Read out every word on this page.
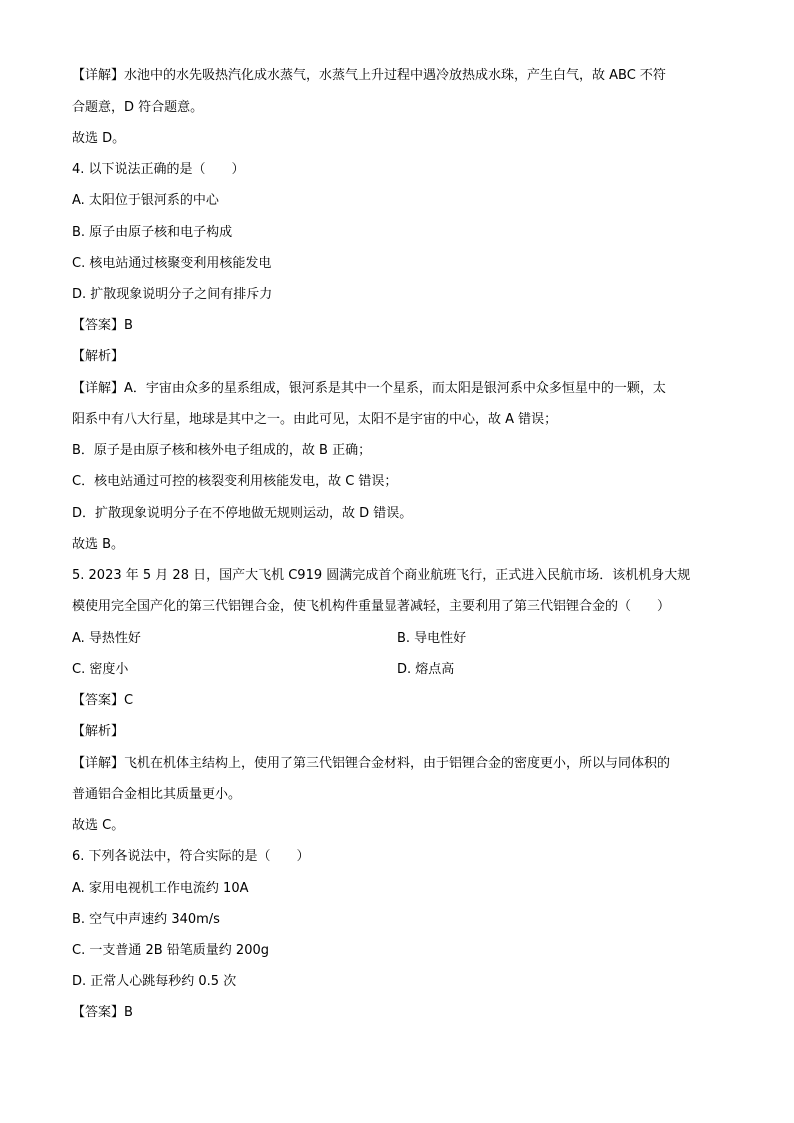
【详解】水池中的水先吸热汽化成水蒸气，水蒸气上升过程中遇冷放热成水珠，产生白气，故 ABC 不符
合题意，D 符合题意。
故选 D。
4. 以下说法正确的是（　　）
A. 太阳位于银河系的中心
B. 原子由原子核和电子构成
C. 核电站通过核聚变利用核能发电
D. 扩散现象说明分子之间有排斥力
【答案】B
【解析】
【详解】A．宇宙由众多的星系组成，银河系是其中一个星系，而太阳是银河系中众多恒星中的一颗，太
阳系中有八大行星，地球是其中之一。由此可见，太阳不是宇宙的中心，故 A 错误；
B．原子是由原子核和核外电子组成的，故 B 正确；
C．核电站通过可控的核裂变利用核能发电，故 C 错误；
D．扩散现象说明分子在不停地做无规则运动，故 D 错误。
故选 B。
5. 2023 年 5 月 28 日，国产大飞机 C919 圆满完成首个商业航班飞行，正式进入民航市场．该机机身大规
模使用完全国产化的第三代铝锂合金，使飞机构件重量显著减轻，主要利用了第三代铝锂合金的（　　）
A. 导热性好	B. 导电性好
C. 密度小	D. 熔点高
【答案】C
【解析】
【详解】飞机在机体主结构上，使用了第三代铝锂合金材料，由于铝锂合金的密度更小，所以与同体积的
普通铝合金相比其质量更小。
故选 C。
6. 下列各说法中，符合实际的是（　　）
A. 家用电视机工作电流约 10A
B. 空气中声速约 340m/s
C. 一支普通 2B 铅笔质量约 200g
D. 正常人心跳每秒约 0.5 次
【答案】B
